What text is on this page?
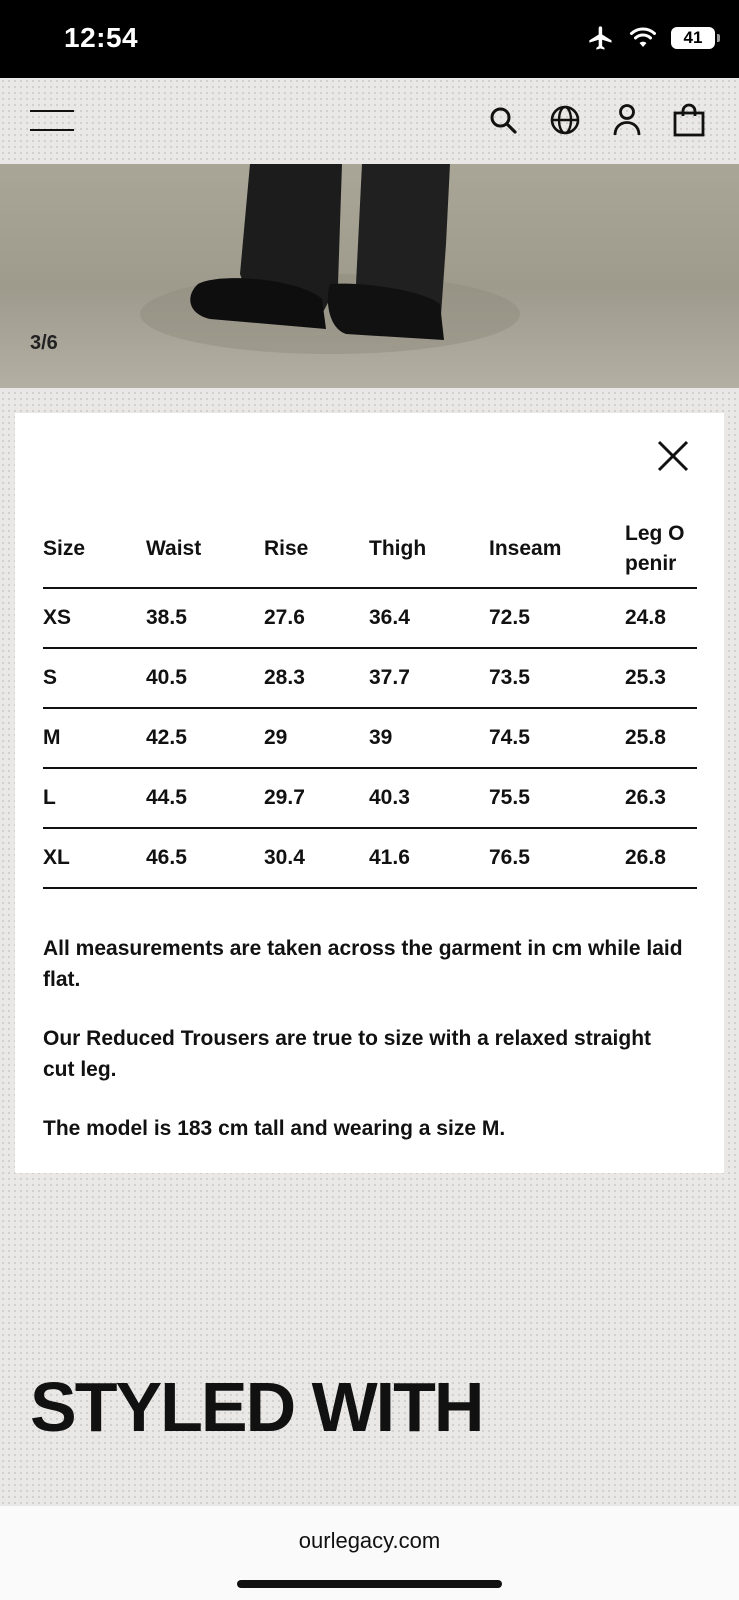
12:54	41
3/6
Size	Waist	Rise	Thigh	Inseam	Leg Openir
XS	38.5	27.6	36.4	72.5	24.8
S	40.5	28.3	37.7	73.5	25.3
M	42.5	29	39	74.5	25.8
L	44.5	29.7	40.3	75.5	26.3
XL	46.5	30.4	41.6	76.5	26.8

All measurements are taken across the garment in cm while laid flat.

Our Reduced Trousers are true to size with a relaxed straight cut leg.

The model is 183 cm tall and wearing a size M.

STYLED WITH
ourlegacy.com
